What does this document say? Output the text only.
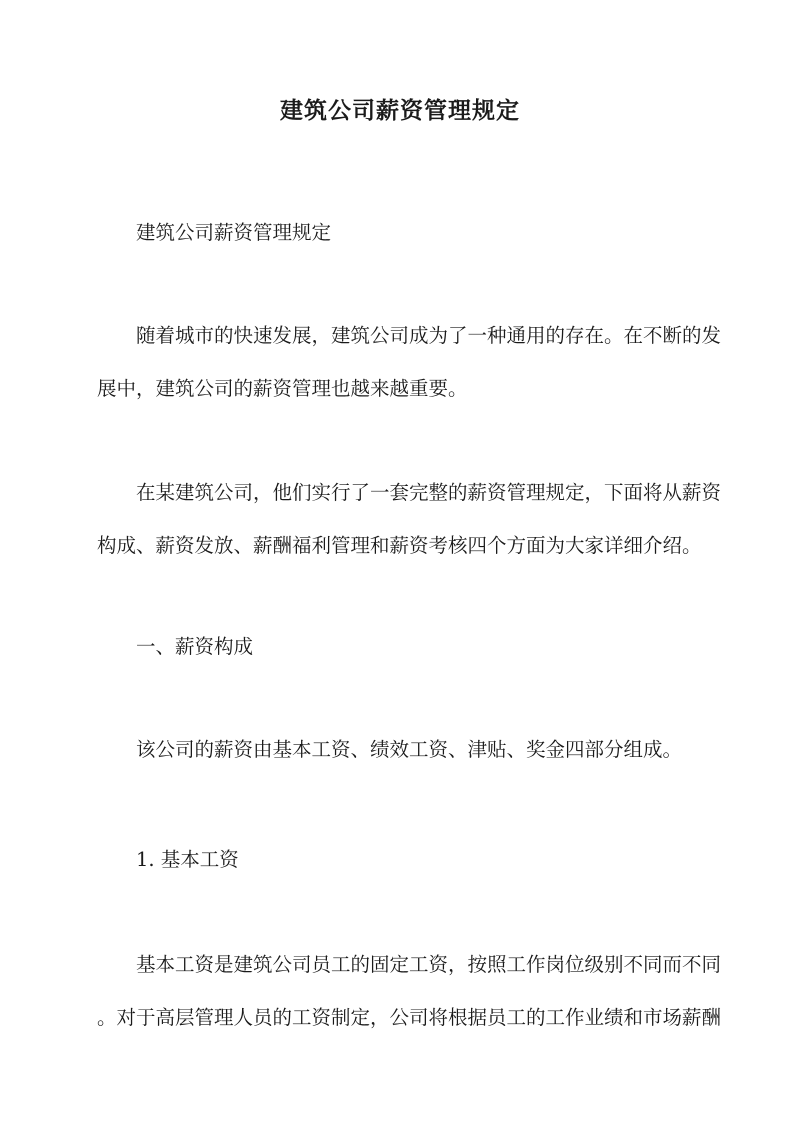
建筑公司薪资管理规定
建筑公司薪资管理规定
随着城市的快速发展，建筑公司成为了一种通用的存在。在不断的发
展中，建筑公司的薪资管理也越来越重要。
在某建筑公司，他们实行了一套完整的薪资管理规定，下面将从薪资
构成、薪资发放、薪酬福利管理和薪资考核四个方面为大家详细介绍。
一、薪资构成
该公司的薪资由基本工资、绩效工资、津贴、奖金四部分组成。
1. 基本工资
基本工资是建筑公司员工的固定工资，按照工作岗位级别不同而不同
。对于高层管理人员的工资制定，公司将根据员工的工作业绩和市场薪酬
